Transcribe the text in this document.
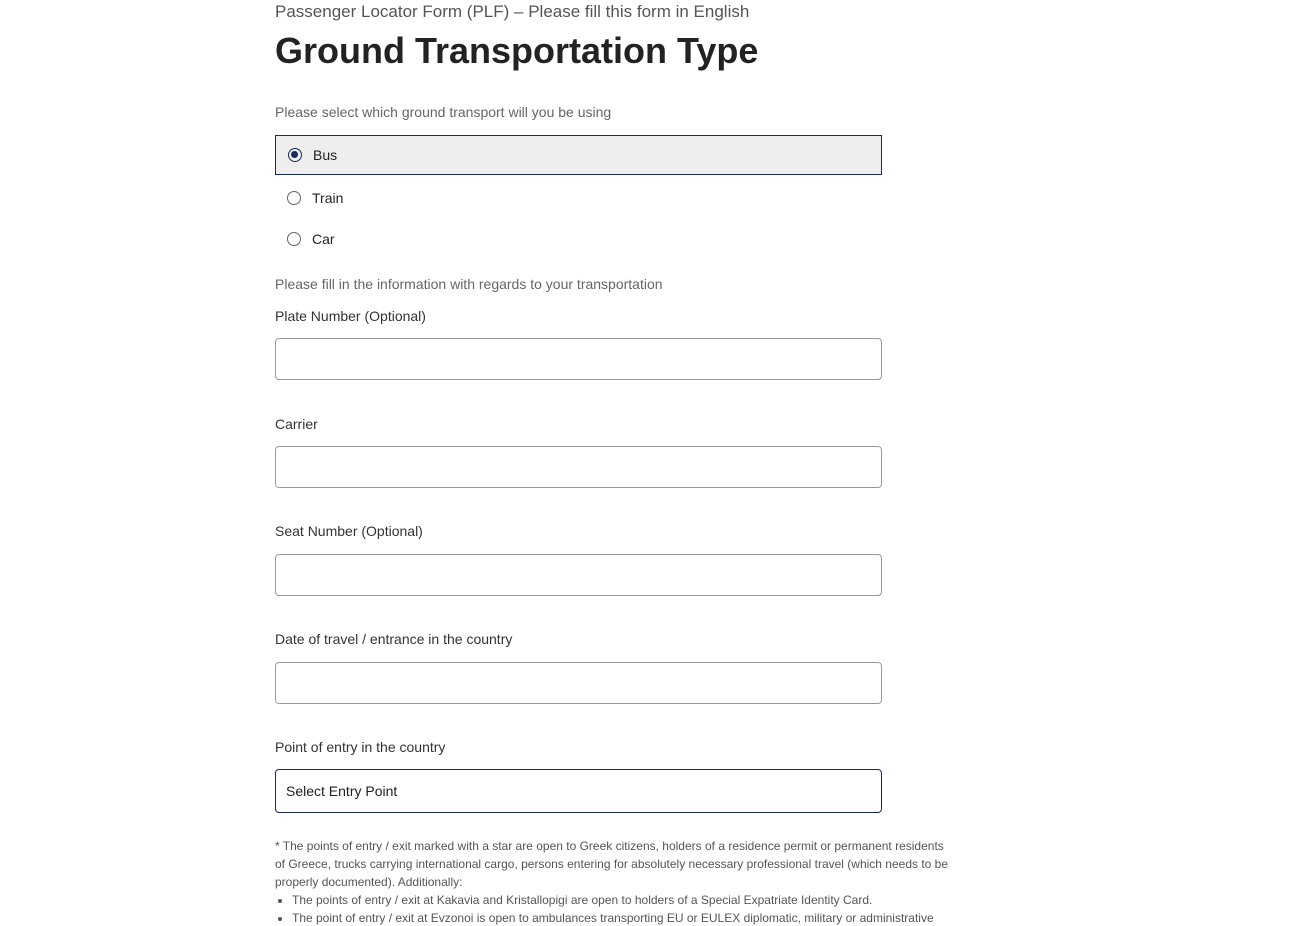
Passenger Locator Form (PLF) – Please fill this form in English
Ground Transportation Type
Please select which ground transport will you be using
Bus
Train
Car
Please fill in the information with regards to your transportation
Plate Number (Optional)
Carrier
Seat Number (Optional)
Date of travel / entrance in the country
Point of entry in the country
Select Entry Point

* The points of entry / exit marked with a star are open to Greek citizens, holders of a residence permit or permanent residents

of Greece, trucks carrying international cargo, persons entering for absolutely necessary professional travel (which needs to be

properly documented). Additionally:

• The points of entry / exit at Kakavia and Kristallopigi are open to holders of a Special Expatriate Identity Card.
• The point of entry / exit at Evzonoi is open to ambulances transporting EU or EULEX diplomatic, military or administrative
